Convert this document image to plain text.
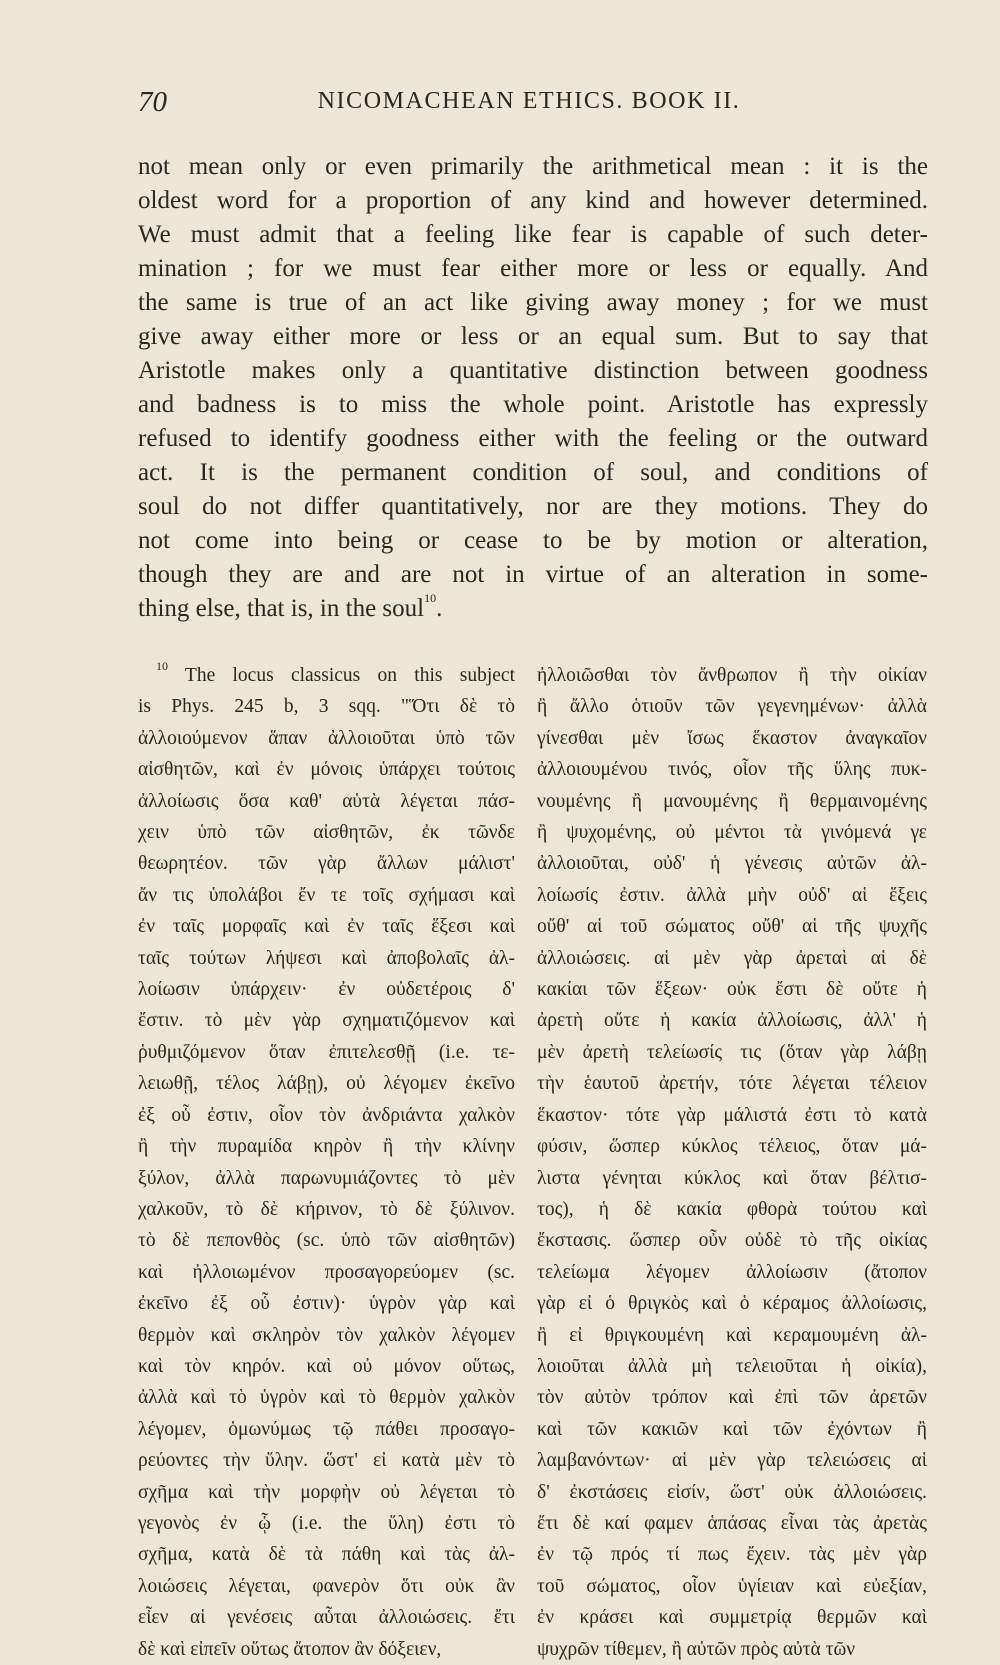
70	NICOMACHEAN ETHICS. BOOK II.
not mean only or even primarily the arithmetical mean : it is the
oldest word for a proportion of any kind and however determined.
We must admit that a feeling like fear is capable of such deter-
mination ; for we must fear either more or less or equally. And
the same is true of an act like giving away money ; for we must
give away either more or less or an equal sum. But to say that
Aristotle makes only a quantitative distinction between goodness
and badness is to miss the whole point. Aristotle has expressly
refused to identify goodness either with the feeling or the outward
act. It is the permanent condition of soul, and conditions of
soul do not differ quantitatively, nor are they motions. They do
not come into being or cease to be by motion or alteration,
though they are and are not in virtue of an alteration in some-
thing else, that is, in the soul$^{10}$.
$^{10}$ The locus classicus on this subject
is Phys. 245 b, 3 sqq. "Ὅτι δὲ τὸ
ἀλλοιούμενον ἅπαν ἀλλοιοῦται ὑπὸ τῶν
αἰσθητῶν, καὶ ἐν μόνοις ὑπάρχει τούτοις
ἀλλοίωσις ὅσα καθ' αὑτὰ λέγεται πάσ-
χειν ὑπὸ τῶν αἰσθητῶν, ἐκ τῶνδε
θεωρητέον. τῶν γὰρ ἄλλων μάλιστ'
ἄν τις ὑπολάβοι ἔν τε τοῖς σχήμασι καὶ
ἐν ταῖς μορφαῖς καὶ ἐν ταῖς ἕξεσι καὶ
ταῖς τούτων λήψεσι καὶ ἀποβολαῖς ἀλ-
λοίωσιν ὑπάρχειν· ἐν οὐδετέροις δ'
ἔστιν. τὸ μὲν γὰρ σχηματιζόμενον καὶ
ῥυθμιζόμενον ὅταν ἐπιτελεσθῇ (i.e. τε-
λειωθῇ, τέλος λάβῃ), οὐ λέγομεν ἐκεῖνο
ἐξ οὗ ἐστιν, οἷον τὸν ἀνδριάντα χαλκὸν
ἢ τὴν πυραμίδα κηρὸν ἢ τὴν κλίνην
ξύλον, ἀλλὰ παρωνυμιάζοντες τὸ μὲν
χαλκοῦν, τὸ δὲ κήρινον, τὸ δὲ ξύλινον.
τὸ δὲ πεπονθὸς (sc. ὑπὸ τῶν αἰσθητῶν)
καὶ ἠλλοιωμένον προσαγορεύομεν (sc.
ἐκεῖνο ἐξ οὗ ἐστιν)· ὑγρὸν γὰρ καὶ
θερμὸν καὶ σκληρὸν τὸν χαλκὸν λέγομεν
καὶ τὸν κηρόν. καὶ οὐ μόνον οὕτως,
ἀλλὰ καὶ τὸ ὑγρὸν καὶ τὸ θερμὸν χαλκὸν
λέγομεν, ὁμωνύμως τῷ πάθει προσαγο-
ρεύοντες τὴν ὕλην. ὥστ' εἰ κατὰ μὲν τὸ
σχῆμα καὶ τὴν μορφὴν οὐ λέγεται τὸ
γεγονὸς ἐν ᾧ (i.e. the ὕλη) ἐστι τὸ
σχῆμα, κατὰ δὲ τὰ πάθη καὶ τὰς ἀλ-
λοιώσεις λέγεται, φανερὸν ὅτι οὐκ ἂν
εἶεν αἱ γενέσεις αὗται ἀλλοιώσεις. ἔτι
δὲ καὶ εἰπεῖν οὕτως ἄτοπον ἂν δόξειεν,
ἠλλοιῶσθαι τὸν ἄνθρωπον ἢ τὴν οἰκίαν
ἢ ἄλλο ὁτιοῦν τῶν γεγενημένων· ἀλλὰ
γίνεσθαι μὲν ἴσως ἕκαστον ἀναγκαῖον
ἀλλοιουμένου τινός, οἷον τῆς ὕλης πυκ-
νουμένης ἢ μανουμένης ἢ θερμαινομένης
ἢ ψυχομένης, οὐ μέντοι τὰ γινόμενά γε
ἀλλοιοῦται, οὐδ' ἡ γένεσις αὐτῶν ἀλ-
λοίωσίς ἐστιν. ἀλλὰ μὴν οὐδ' αἱ ἕξεις
οὔθ' αἱ τοῦ σώματος οὔθ' αἱ τῆς ψυχῆς
ἀλλοιώσεις. αἱ μὲν γὰρ ἀρεταὶ αἱ δὲ
κακίαι τῶν ἕξεων· οὐκ ἔστι δὲ οὔτε ἡ
ἀρετὴ οὔτε ἡ κακία ἀλλοίωσις, ἀλλ' ἡ
μὲν ἀρετὴ τελείωσίς τις (ὅταν γὰρ λάβῃ
τὴν ἑαυτοῦ ἀρετήν, τότε λέγεται τέλειον
ἕκαστον· τότε γὰρ μάλιστά ἐστι τὸ κατὰ
φύσιν, ὥσπερ κύκλος τέλειος, ὅταν μά-
λιστα γένηται κύκλος καὶ ὅταν βέλτισ-
τος), ἡ δὲ κακία φθορὰ τούτου καὶ
ἔκστασις. ὥσπερ οὖν οὐδὲ τὸ τῆς οἰκίας
τελείωμα λέγομεν ἀλλοίωσιν (ἄτοπον
γὰρ εἰ ὁ θριγκὸς καὶ ὁ κέραμος ἀλλοίωσις,
ἢ εἰ θριγκουμένη καὶ κεραμουμένη ἀλ-
λοιοῦται ἀλλὰ μὴ τελειοῦται ἡ οἰκία),
τὸν αὐτὸν τρόπον καὶ ἐπὶ τῶν ἀρετῶν
καὶ τῶν κακιῶν καὶ τῶν ἐχόντων ἢ
λαμβανόντων· αἱ μὲν γὰρ τελειώσεις αἱ
δ' ἐκστάσεις εἰσίν, ὥστ' οὐκ ἀλλοιώσεις.
ἔτι δὲ καί φαμεν ἁπάσας εἶναι τὰς ἀρετὰς
ἐν τῷ πρός τί πως ἔχειν. τὰς μὲν γὰρ
τοῦ σώματος, οἷον ὑγίειαν καὶ εὐεξίαν,
ἐν κράσει καὶ συμμετρίᾳ θερμῶν καὶ
ψυχρῶν τίθεμεν, ἢ αὐτῶν πρὸς αὐτὰ τῶν
